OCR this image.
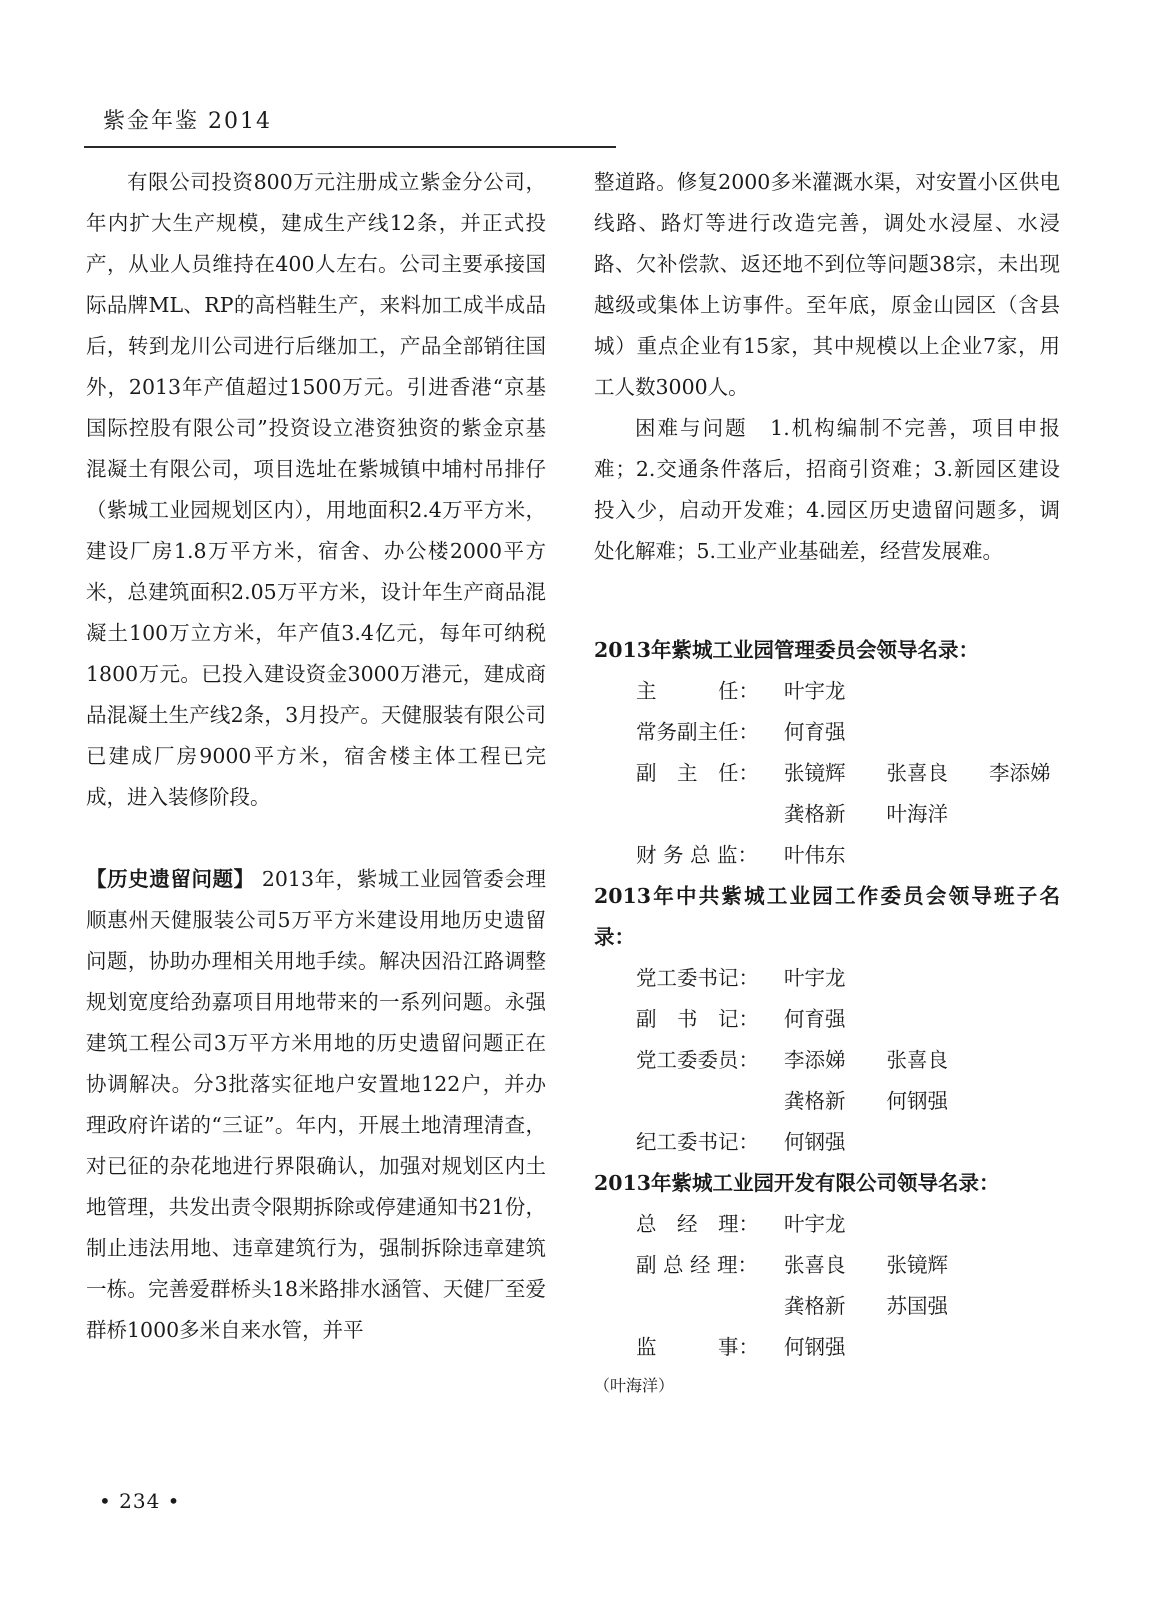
紫金年鉴 2014

有限公司投资800万元注册成立紫金分公司，年内扩大生产规模，建成生产线12条，并正式投产，从业人员维持在400人左右。公司主要承接国际品牌ML、RP的高档鞋生产，来料加工成半成品后，转到龙川公司进行后继加工，产品全部销往国外，2013年产值超过1500万元。引进香港“京基国际控股有限公司”投资设立港资独资的紫金京基混凝土有限公司，项目选址在紫城镇中埔村吊排仔（紫城工业园规划区内），用地面积2.4万平方米，建设厂房1.8万平方米，宿舍、办公楼2000平方米，总建筑面积2.05万平方米，设计年生产商品混凝土100万立方米，年产值3.4亿元，每年可纳税1800万元。已投入建设资金3000万港元，建成商品混凝土生产线2条，3月投产。天健服装有限公司已建成厂房9000平方米，宿舍楼主体工程已完成，进入装修阶段。

【历史遗留问题】 2013年，紫城工业园管委会理顺惠州天健服装公司5万平方米建设用地历史遗留问题，协助办理相关用地手续。解决因沿江路调整规划宽度给劲嘉项目用地带来的一系列问题。永强建筑工程公司3万平方米用地的历史遗留问题正在协调解决。分3批落实征地户安置地122户，并办理政府许诺的“三证”。年内，开展土地清理清查，对已征的杂花地进行界限确认，加强对规划区内土地管理，共发出责令限期拆除或停建通知书21份，制止违法用地、违章建筑行为，强制拆除违章建筑一栋。完善爱群桥头18米路排水涵管、天健厂至爱群桥1000多米自来水管，并平

整道路。修复2000多米灌溉水渠，对安置小区供电线路、路灯等进行改造完善，调处水浸屋、水浸路、欠补偿款、返还地不到位等问题38宗，未出现越级或集体上访事件。至年底，原金山园区（含县城）重点企业有15家，其中规模以上企业7家，用工人数3000人。

困难与问题　 1.机构编制不完善，项目申报难；2.交通条件落后，招商引资难；3.新园区建设投入少，启动开发难；4.园区历史遗留问题多，调处化解难；5.工业产业基础差，经营发展难。

2013年紫城工业园管理委员会领导名录：

主　　　任：	叶宇龙
常务副主任：	何育强
副　主　任：	张镜辉　　张喜良　　李添娣

龚格新　　叶海洋

财 务 总 监：	叶伟东

2013年中共紫城工业园工作委员会领导班子名录：

党工委书记：	叶宇龙
副　书　记：	何育强
党工委委员：	李添娣　　张喜良

龚格新　　何钢强

纪工委书记：	何钢强

2013年紫城工业园开发有限公司领导名录：

总　经　理：	叶宇龙
副 总 经 理：	张喜良　　张镜辉

龚格新　　苏国强

监　　　事：	何钢强

（叶海洋）

• 234 •
